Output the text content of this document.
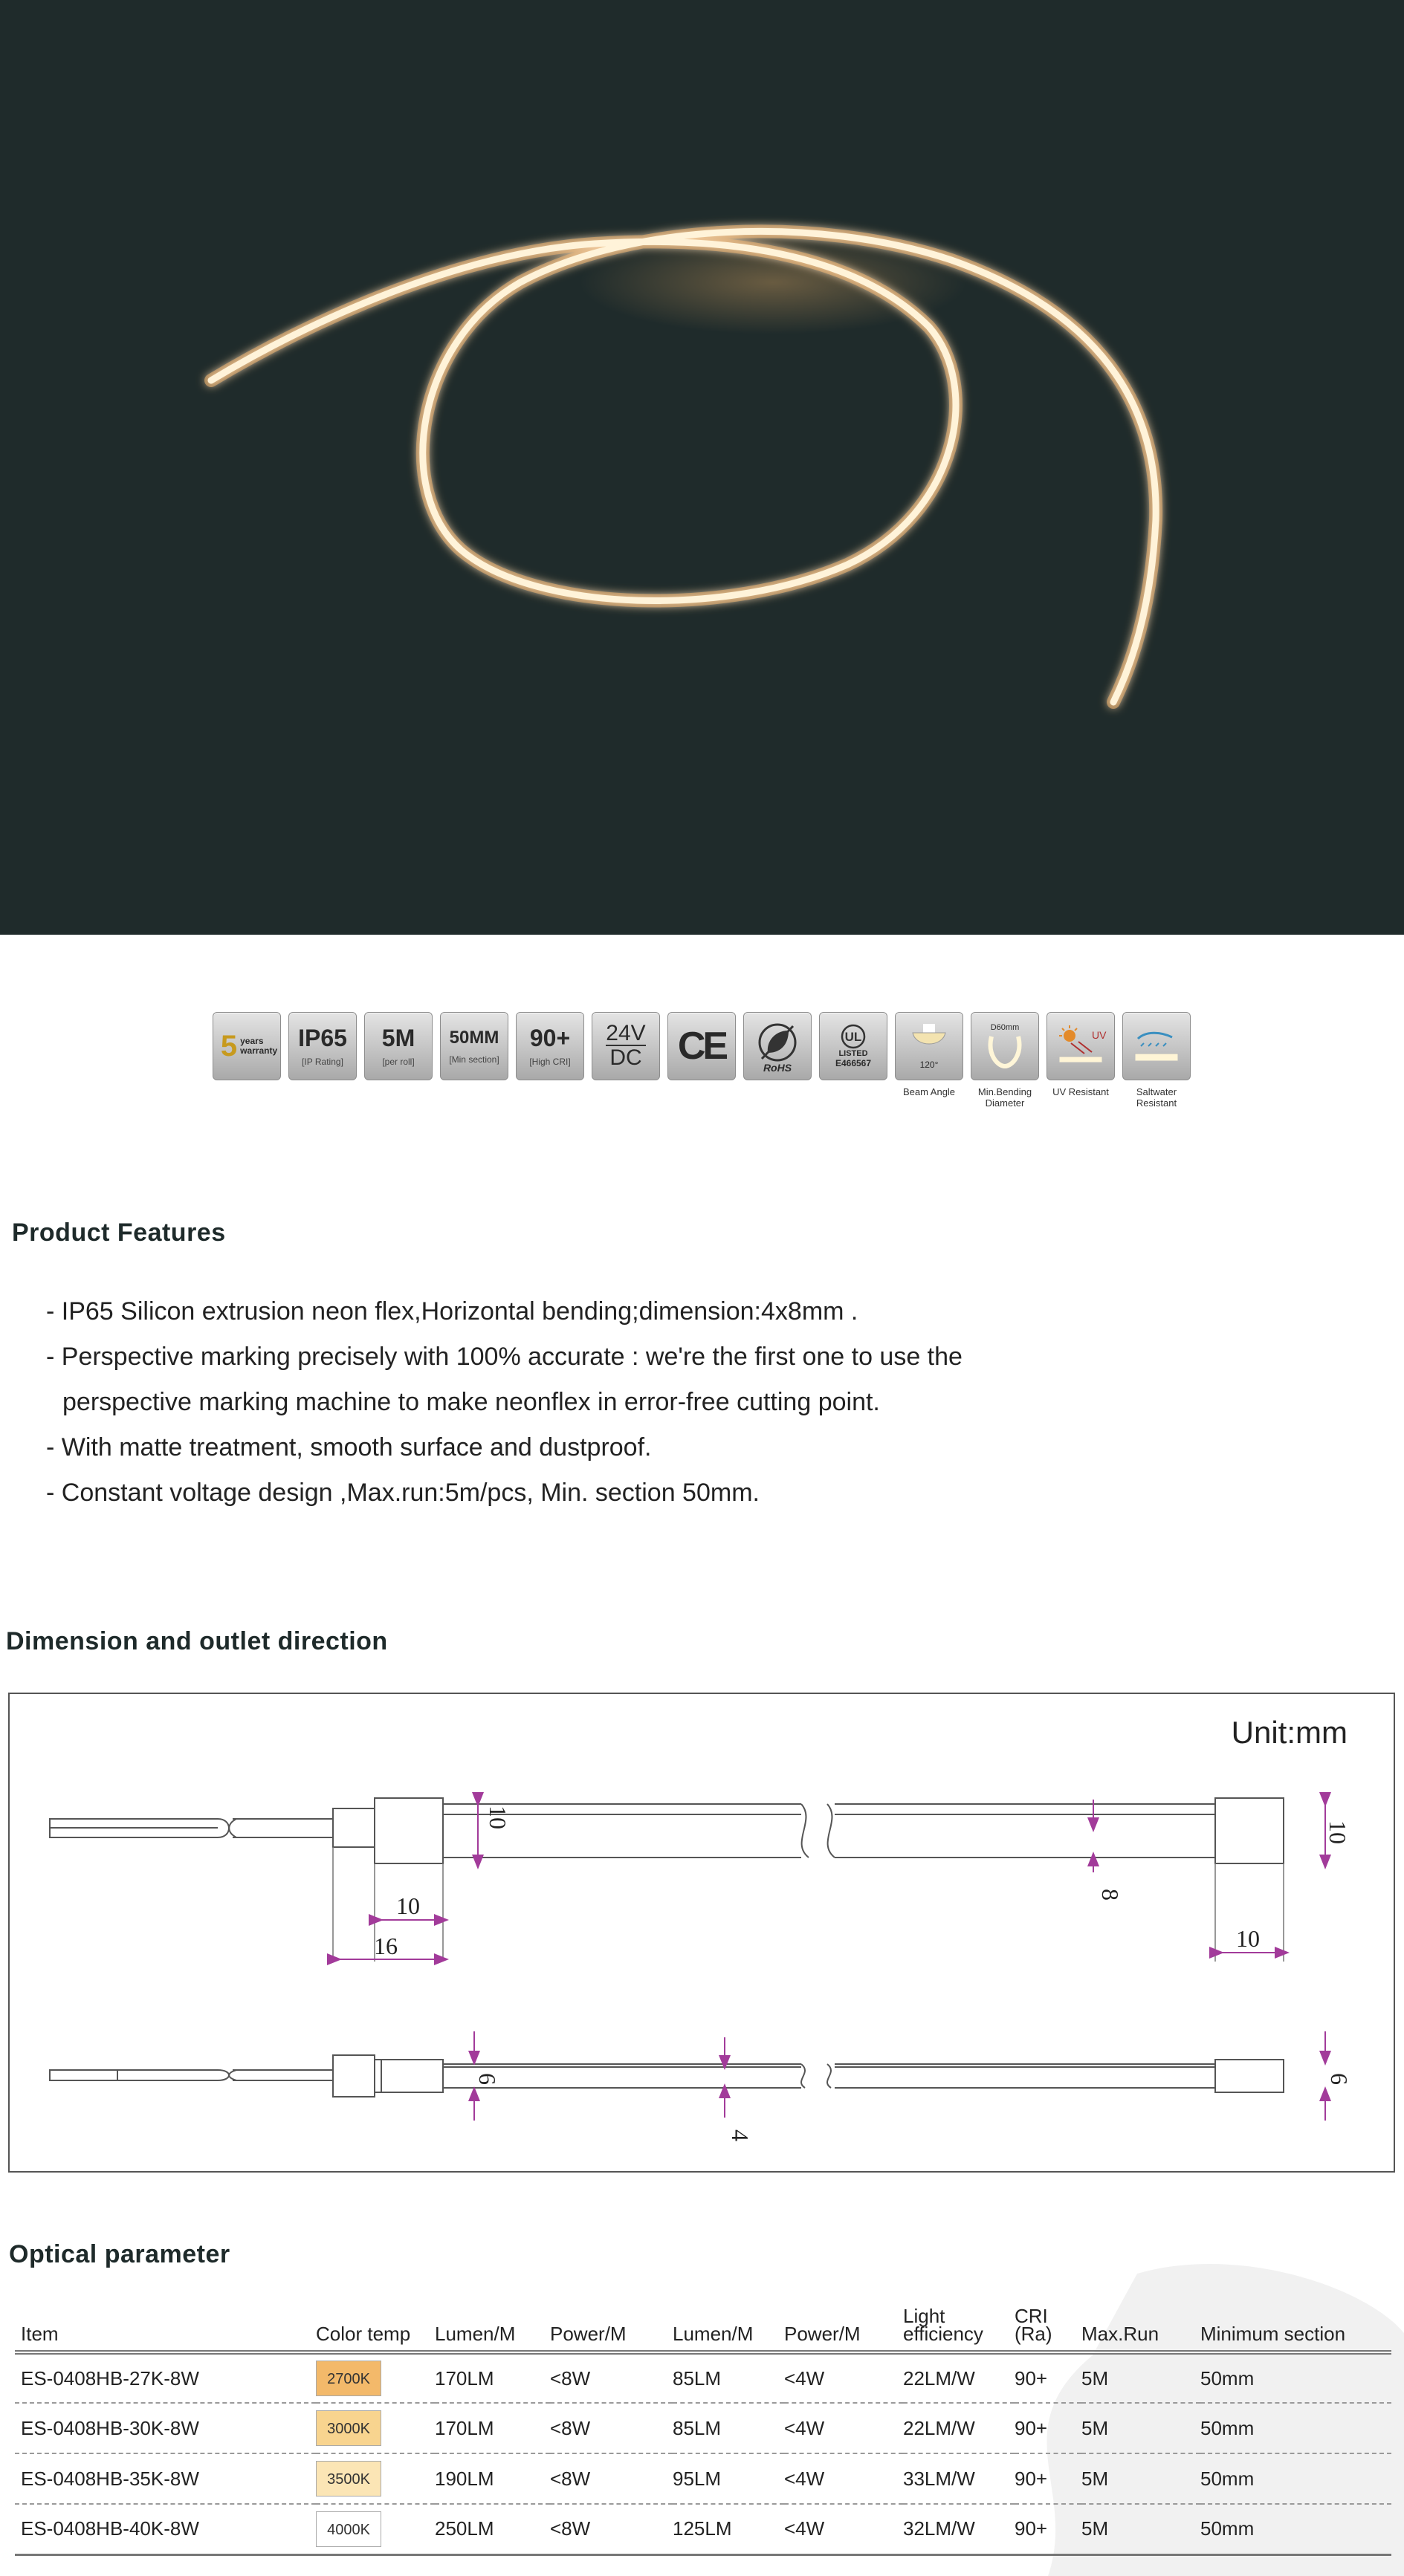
5 years warranty IP65
[IP Rating]
5M
[per roll]
50MM
[Min section]
90+
[High CRI]
24V
DC CE	RoHS
UL
LISTED
E466567	120°
Beam Angle
D60mm
Min.Bending Diameter
UV
UV Resistant	Saltwater Resistant
Product Features
- IP65 Silicon extrusion neon flex,Horizontal bending;dimension:4x8mm .
- Perspective marking precisely with 100% accurate : we're the first one to use the
perspective marking machine to make neonflex in error-free cutting point.
- With matte treatment, smooth surface and dustproof.
- Constant voltage design ,Max.run:5m/pcs, Min. section 50mm.
Dimension and outlet direction
Unit:mm
10
8
10
10
16	10
6
4
6
Optical parameter
Item	Color temp	Lumen/M	Power/M	Lumen/M	Power/M	Light efficiency	CRI (Ra)	Max.Run	Minimum section
ES-0408HB-27K-8W	2700K	170LM	<8W	85LM	<4W	22LM/W	90+	5M	50mm
ES-0408HB-30K-8W	3000K	170LM	<8W	85LM	<4W	22LM/W	90+	5M	50mm
ES-0408HB-35K-8W	3500K	190LM	<8W	95LM	<4W	33LM/W	90+	5M	50mm
ES-0408HB-40K-8W	4000K	250LM	<8W	125LM	<4W	32LM/W	90+	5M	50mm
